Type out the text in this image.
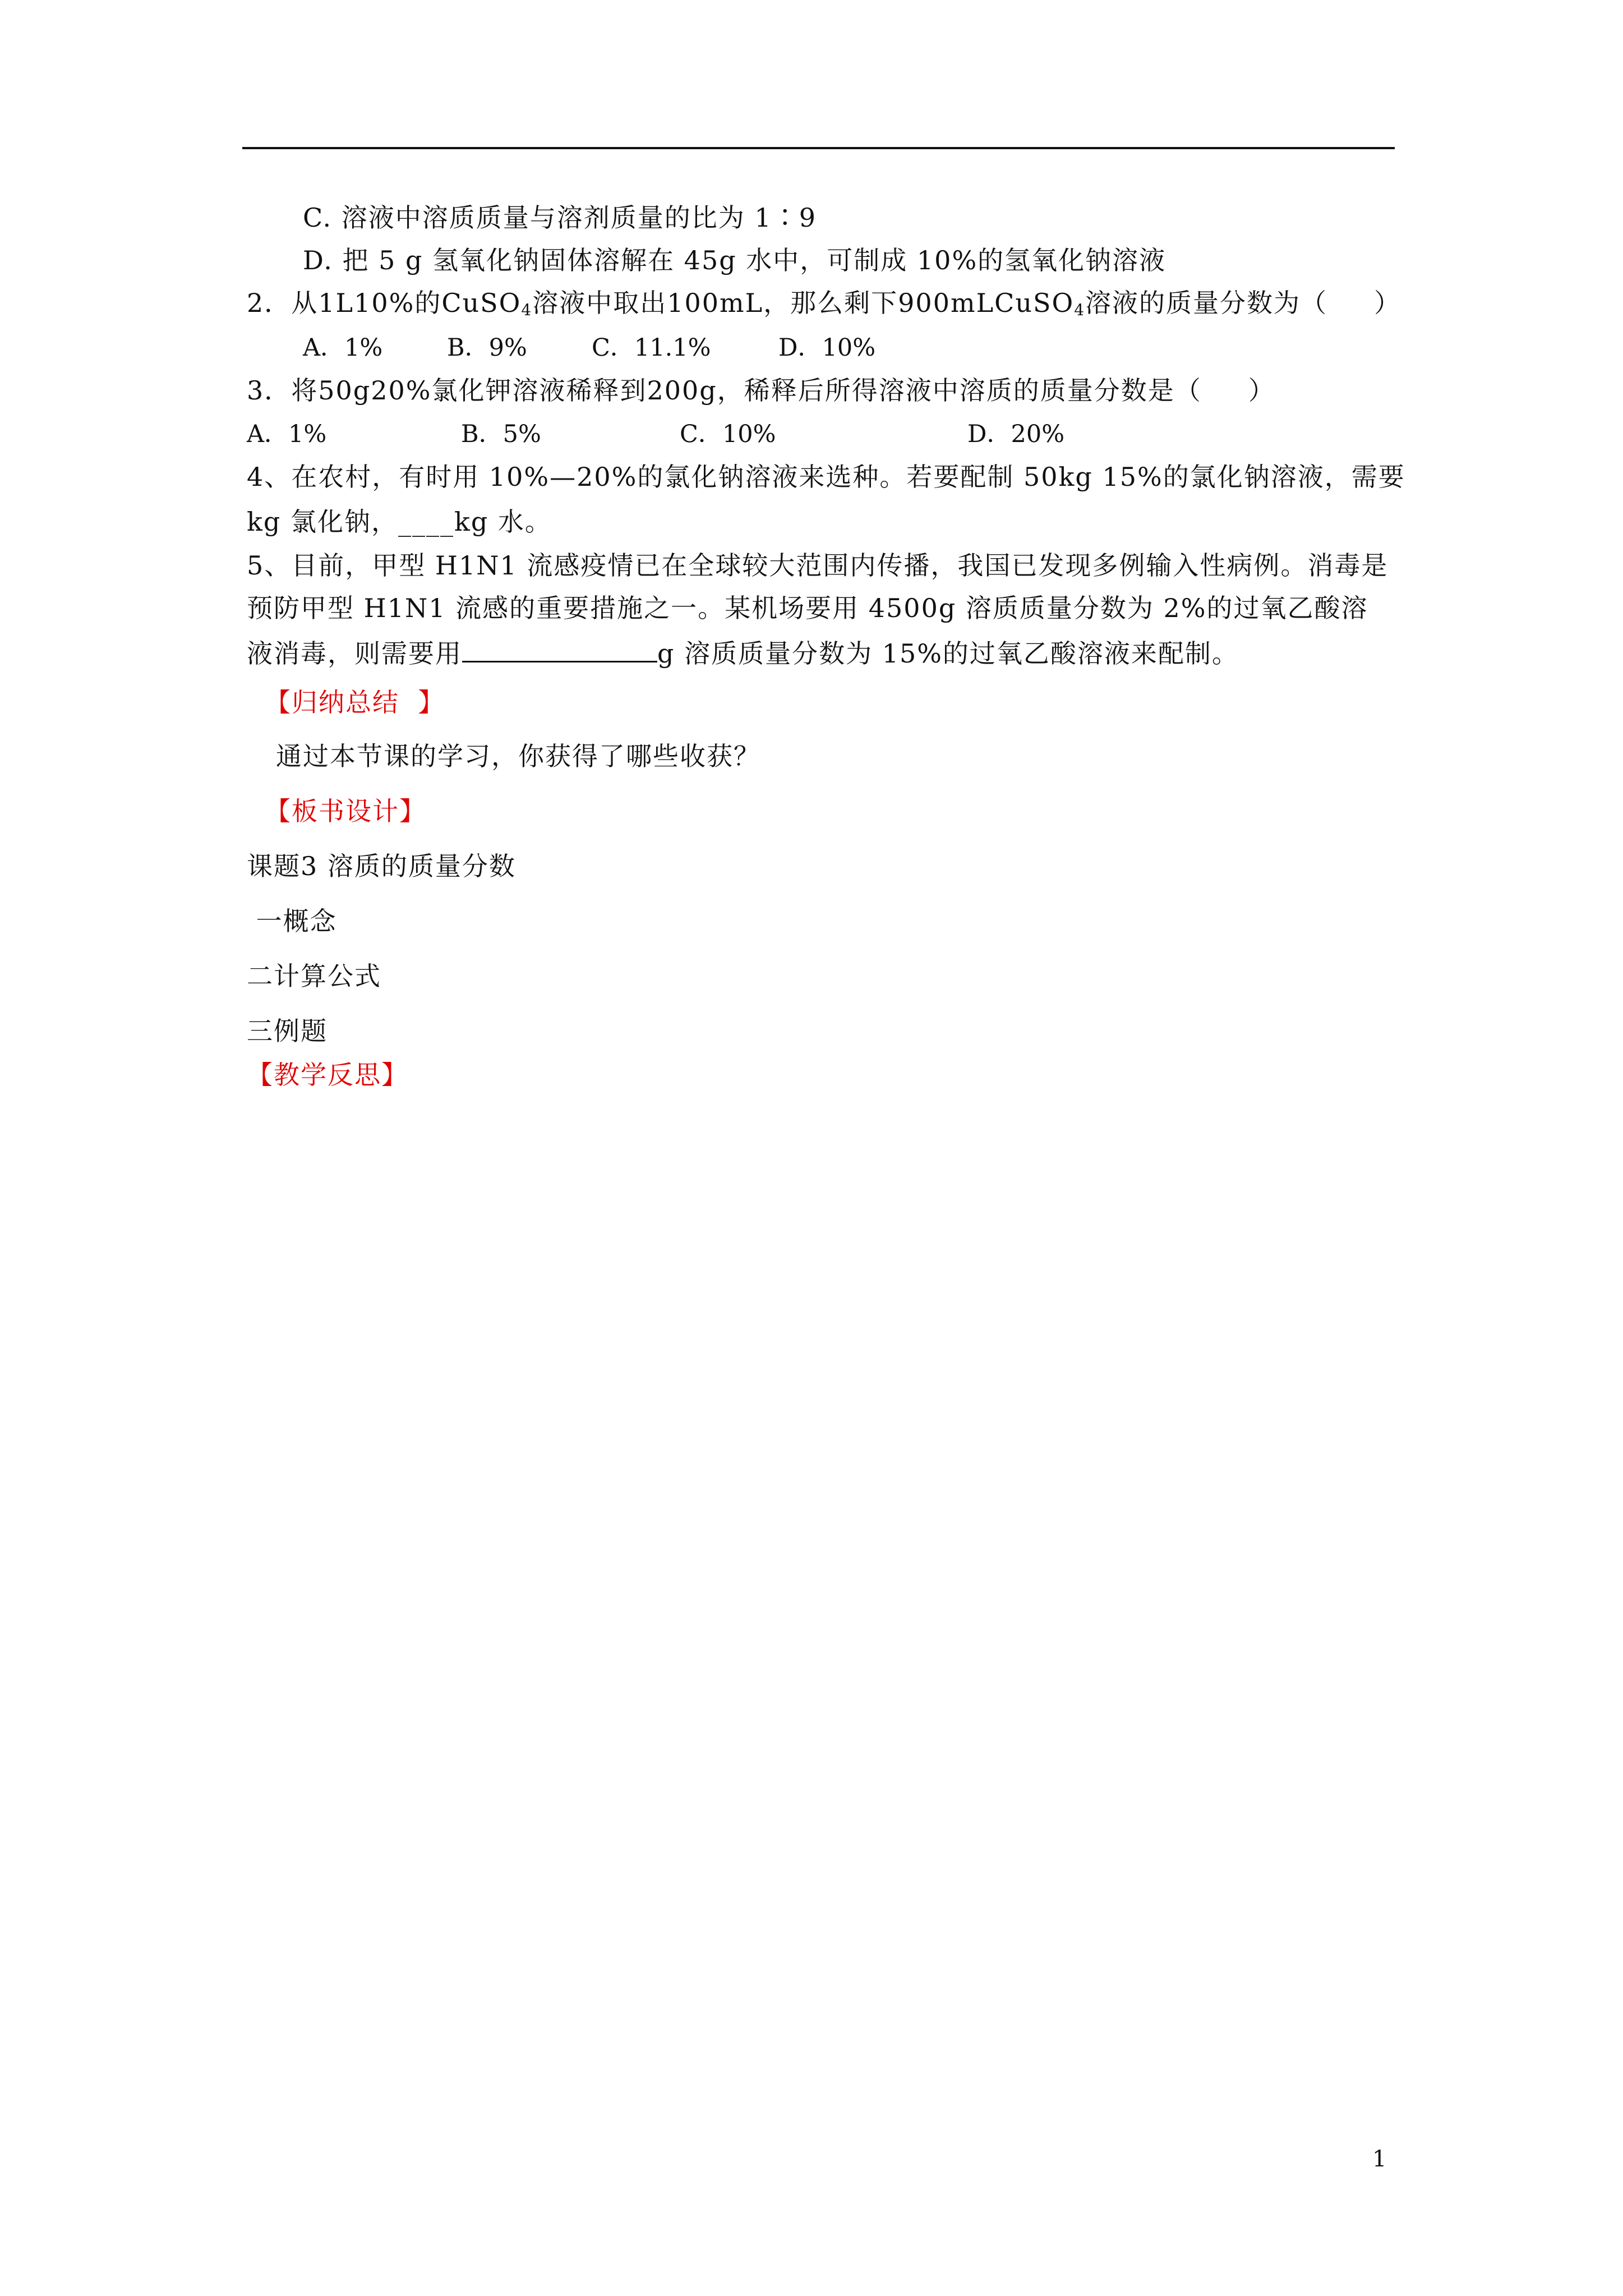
C. 溶液中溶质质量与溶剂质量的比为 1∶9
D. 把 5 g 氢氧化钠固体溶解在 45g 水中，可制成 10%的氢氧化钠溶液
2．从1L10%的CuSO$_4$溶液中取出100mL，那么剩下900mLCuSO$_4$溶液的质量分数为（     ）
A．1%	B．9%	C．11.1%	D．10%
3．将50g20%氯化钾溶液稀释到200g，稀释后所得溶液中溶质的质量分数是（     ）
A．1%	B．5%	C．10%	D．20%
4、在农村，有时用 10%—20%的氯化钠溶液来选种。若要配制 50kg 15%的氯化钠溶液，需要
kg 氯化钠，____kg 水。
5、目前，甲型 H1N1 流感疫情已在全球较大范围内传播，我国已发现多例输入性病例。消毒是
预防甲型 H1N1 流感的重要措施之一。某机场要用 4500g 溶质质量分数为 2%的过氧乙酸溶
液消毒，则需要用	g 溶质质量分数为 15%的过氧乙酸溶液来配制。
【归纳总结  】
通过本节课的学习，你获得了哪些收获？
【板书设计】
课题3 溶质的质量分数
一概念
二计算公式
三例题
【教学反思】
1
